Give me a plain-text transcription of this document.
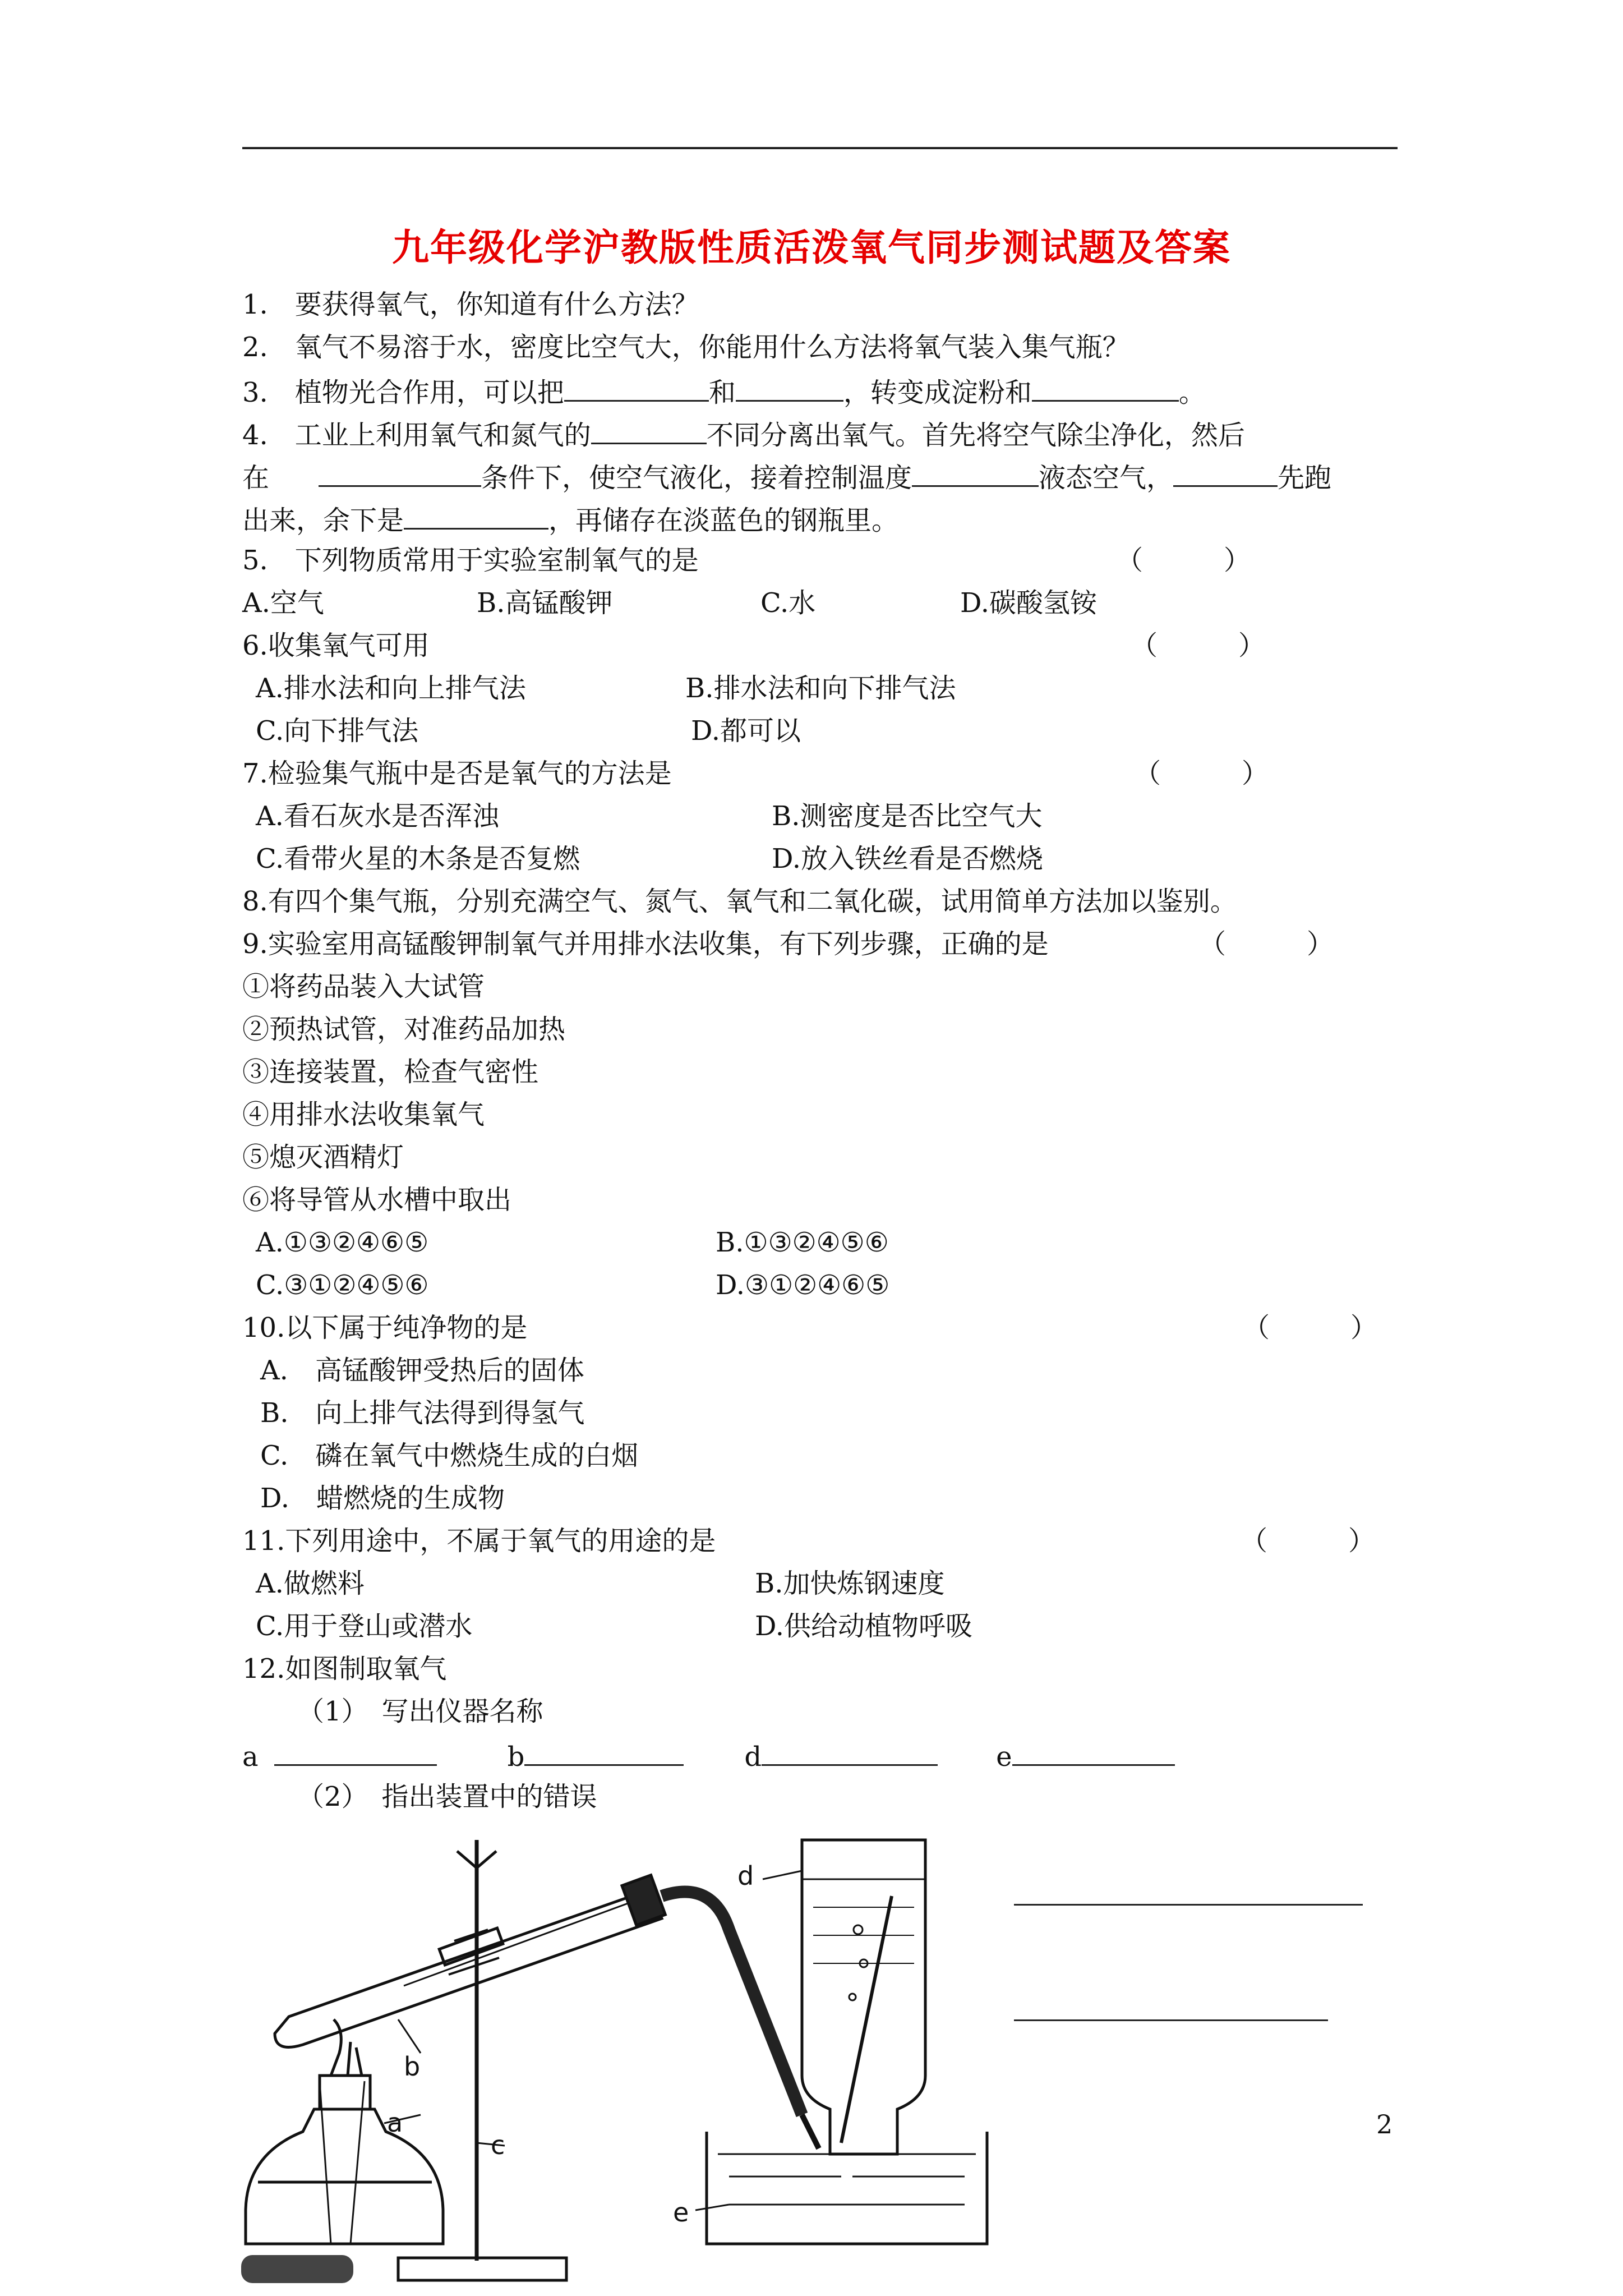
九年级化学沪教版性质活泼氧气同步测试题及答案
1.　要获得氧气，你知道有什么方法？
2.　氧气不易溶于水，密度比空气大，你能用什么方法将氧气装入集气瓶？
3.　植物光合作用，可以把	和	，转变成淀粉和	。
4.　工业上利用氧气和氮气的	不同分离出氧气。首先将空气除尘净化，然后
在　	条件下，使空气液化，接着控制温度	液态空气，	先跑
出来，余下是	，再储存在淡蓝色的钢瓶里。
5.　下列物质常用于实验室制氧气的是	（　　　）
A.空气	B.高锰酸钾	C.水	D.碳酸氢铵
6.收集氧气可用	（　　　）
A.排水法和向上排气法	B.排水法和向下排气法
C.向下排气法	D.都可以
7.检验集气瓶中是否是氧气的方法是	（　　　）
A.看石灰水是否浑浊	B.测密度是否比空气大
C.看带火星的木条是否复燃	D.放入铁丝看是否燃烧
8.有四个集气瓶，分别充满空气、氮气、氧气和二氧化碳，试用简单方法加以鉴别。
9.实验室用高锰酸钾制氧气并用排水法收集，有下列步骤，正确的是	（　　　）
①将药品装入大试管
②预热试管，对准药品加热
③连接装置，检查气密性
④用排水法收集氧气
⑤熄灭酒精灯
⑥将导管从水槽中取出
A.①③②④⑥⑤	B.①③②④⑤⑥
C.③①②④⑤⑥	D.③①②④⑥⑤
10.以下属于纯净物的是	（　　　）
A.　高锰酸钾受热后的固体
B.　向上排气法得到得氢气
C.　磷在氧气中燃烧生成的白烟
D.　蜡燃烧的生成物
11.下列用途中，不属于氧气的用途的是	（　　　）
A.做燃料	B.加快炼钢速度
C.用于登山或潜水	D.供给动植物呼吸
12.如图制取氧气
（1）　写出仪器名称
a	b	d	e
（2）　指出装置中的错误
a
b
c
d
e
2
